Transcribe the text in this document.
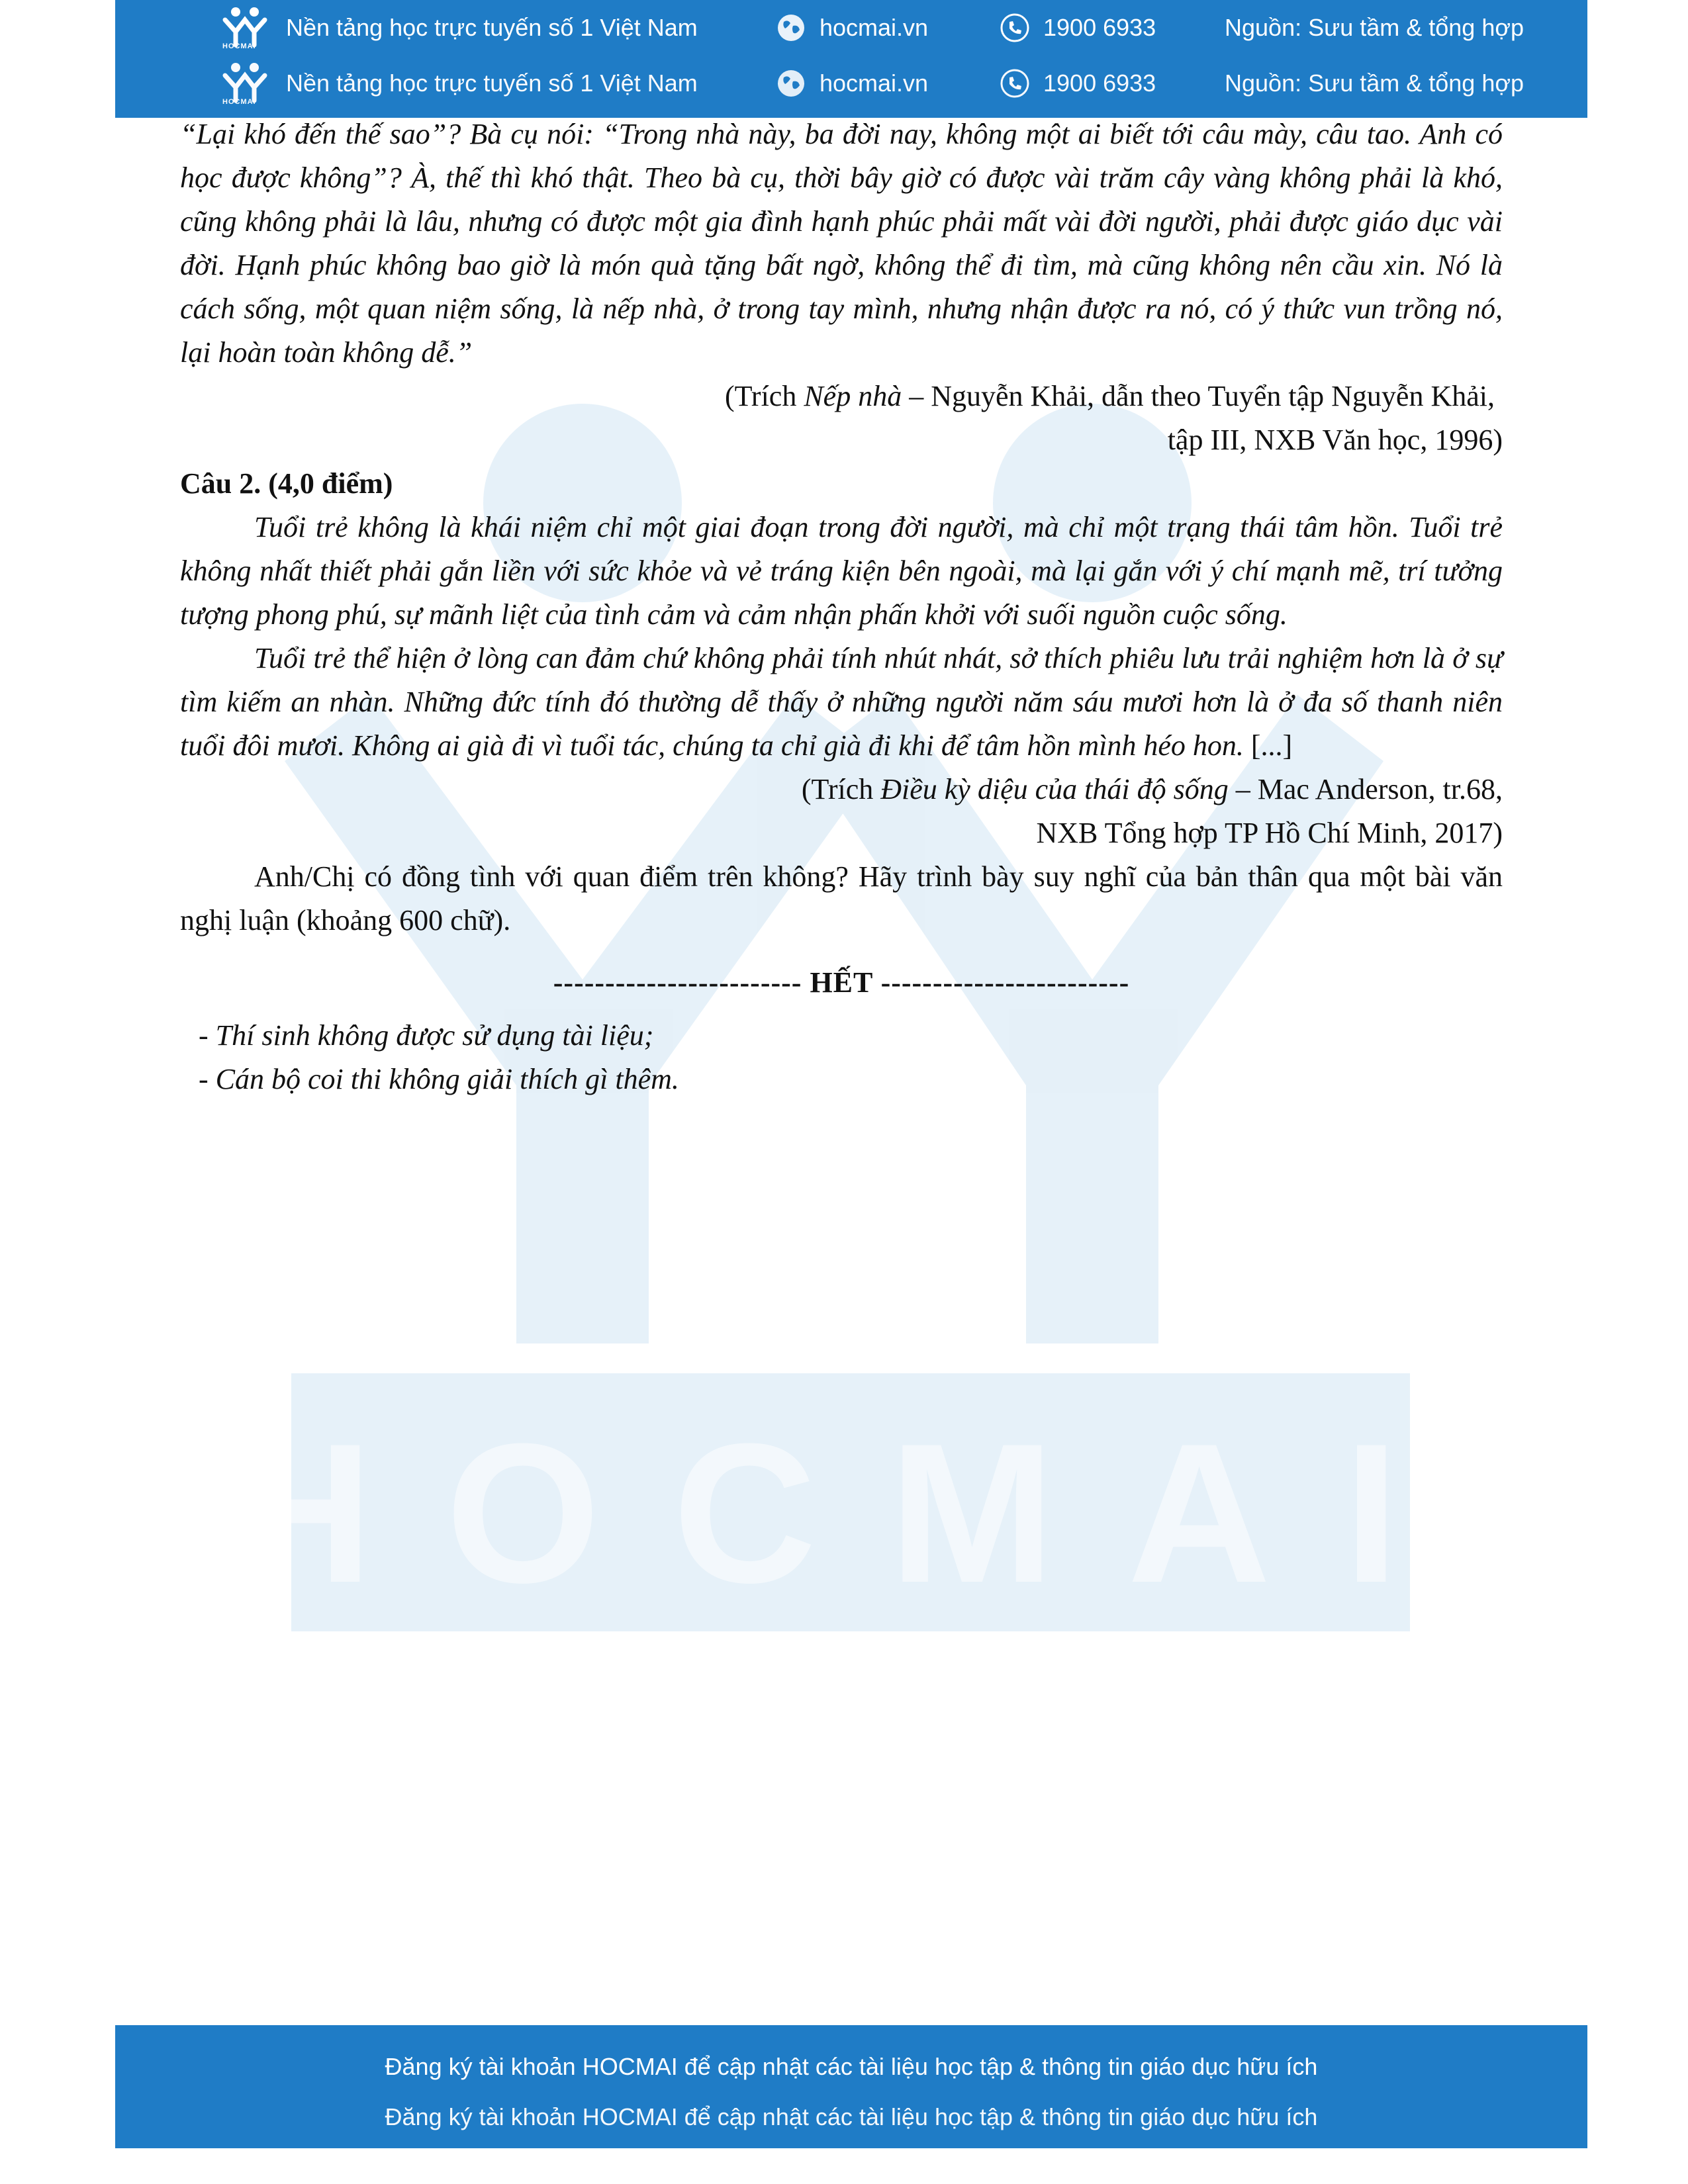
HOCMAI
Nền tảng học trực tuyến số 1 Việt Nam	hocmai.vn	1900 6933	Nguồn: Sưu tầm & tổng hợp
HOCMAI
Nền tảng học trực tuyến số 1 Việt Nam	hocmai.vn	1900 6933	Nguồn: Sưu tầm & tổng hợp
HOCMAI

“Lại khó đến thế sao”? Bà cụ nói: “Trong nhà này, ba đời nay, không một ai biết tới câu mày, câu tao. Anh có học được không”? À, thế thì khó thật. Theo bà cụ, thời bây giờ có được vài trăm cây vàng không phải là khó, cũng không phải là lâu, nhưng có được một gia đình hạnh phúc phải mất vài đời người, phải được giáo dục vài đời. Hạnh phúc không bao giờ là món quà tặng bất ngờ, không thể đi tìm, mà cũng không nên cầu xin. Nó là cách sống, một quan niệm sống, là nếp nhà, ở trong tay mình, nhưng nhận được ra nó, có ý thức vun trồng nó, lại hoàn toàn không dễ.”

(Trích Nếp nhà – Nguyễn Khải, dẫn theo Tuyển tập Nguyễn Khải,

tập III, NXB Văn học, 1996)

Câu 2. (4,0 điểm)

Tuổi trẻ không là khái niệm chỉ một giai đoạn trong đời người, mà chỉ một trạng thái tâm hồn. Tuổi trẻ không nhất thiết phải gắn liền với sức khỏe và vẻ tráng kiện bên ngoài, mà lại gắn với ý chí mạnh mẽ, trí tưởng tượng phong phú, sự mãnh liệt của tình cảm và cảm nhận phấn khởi với suối nguồn cuộc sống.

Tuổi trẻ thể hiện ở lòng can đảm chứ không phải tính nhút nhát, sở thích phiêu lưu trải nghiệm hơn là ở sự tìm kiếm an nhàn. Những đức tính đó thường dễ thấy ở những người năm sáu mươi hơn là ở đa số thanh niên tuổi đôi mươi. Không ai già đi vì tuổi tác, chúng ta chỉ già đi khi để tâm hồn mình héo hon. [...]

(Trích Điều kỳ diệu của thái độ sống – Mac Anderson, tr.68,

NXB Tổng hợp TP Hồ Chí Minh, 2017)

Anh/Chị có đồng tình với quan điểm trên không? Hãy trình bày suy nghĩ của bản thân qua một bài văn nghị luận (khoảng 600 chữ).

------------------------ HẾT ------------------------

- Thí sinh không được sử dụng tài liệu;

- Cán bộ coi thi không giải thích gì thêm.

Đăng ký tài khoản HOCMAI để cập nhật các tài liệu học tập & thông tin giáo dục hữu ích
Đăng ký tài khoản HOCMAI để cập nhật các tài liệu học tập & thông tin giáo dục hữu ích
